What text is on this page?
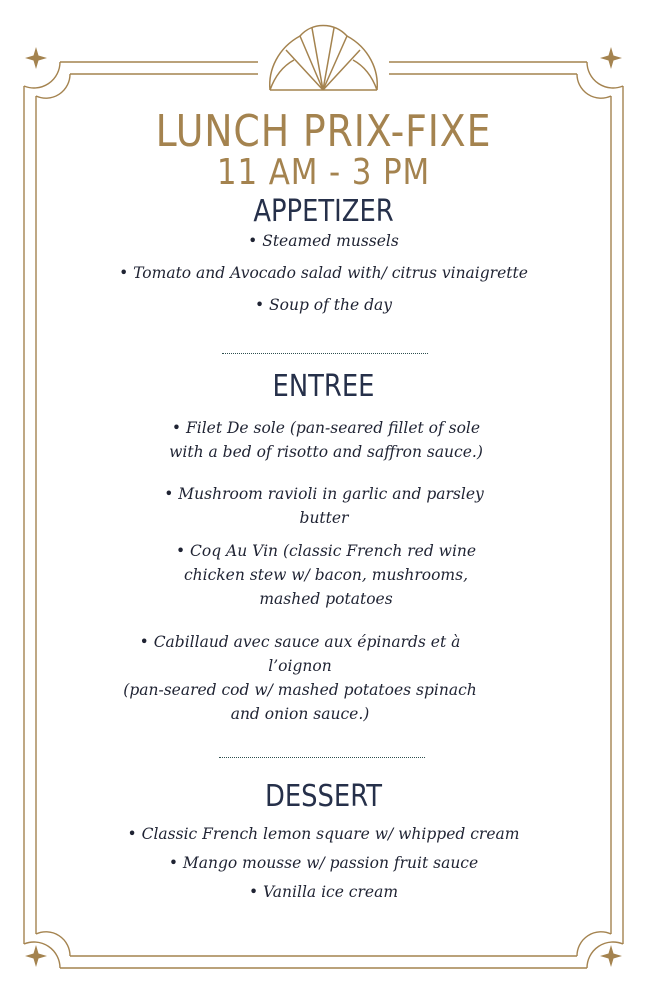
LUNCH PRIX-FIXE
11 AM - 3 PM
APPETIZER

• Steamed mussels

• Tomato and Avocado salad with/ citrus vinaigrette

• Soup of the day

ENTREE
• Filet De sole (pan-seared fillet of sole
with a bed of risotto and saffron sauce.)
• Mushroom ravioli in garlic and parsley
butter
• Coq Au Vin (classic French red wine
chicken stew w/ bacon, mushrooms,
mashed potatoes
• Cabillaud avec sauce aux épinards et à
l’oignon
(pan-seared cod w/ mashed potatoes spinach
and onion sauce.)
DESSERT

• Classic French lemon square w/ whipped cream

• Mango mousse w/ passion fruit sauce

• Vanilla ice cream
